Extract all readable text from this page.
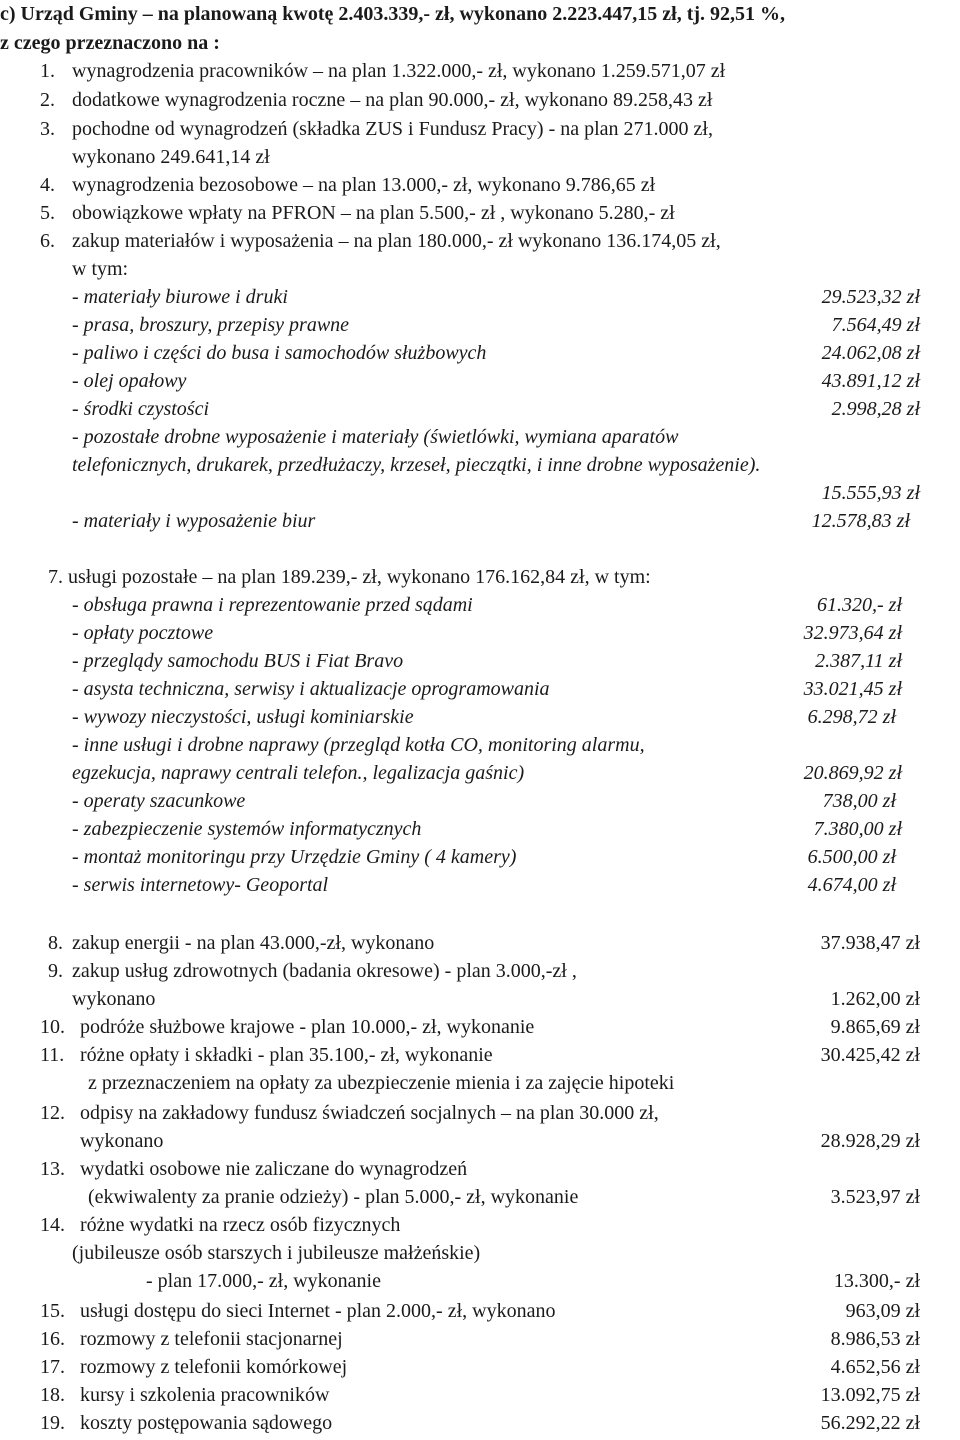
c) Urząd Gminy – na planowaną kwotę 2.403.339,- zł, wykonano 2.223.447,15 zł, tj. 92,51 %,
z czego przeznaczono na :
1. wynagrodzenia pracowników – na plan 1.322.000,- zł, wykonano 1.259.571,07 zł
2. dodatkowe wynagrodzenia roczne – na plan 90.000,- zł, wykonano 89.258,43 zł
3. pochodne od wynagrodzeń (składka ZUS i Fundusz Pracy) - na plan 271.000 zł,
wykonano 249.641,14 zł
4. wynagrodzenia bezosobowe – na plan 13.000,- zł, wykonano 9.786,65 zł
5. obowiązkowe wpłaty na PFRON – na plan 5.500,- zł , wykonano 5.280,- zł
6. zakup materiałów i wyposażenia – na plan 180.000,- zł wykonano 136.174,05 zł,
w tym:
- materiały biurowe i druki	29.523,32 zł
- prasa, broszury, przepisy prawne	7.564,49 zł
- paliwo i części do busa i samochodów służbowych	24.062,08 zł
- olej opałowy	43.891,12 zł
- środki czystości	2.998,28 zł
- pozostałe drobne wyposażenie i materiały (świetlówki, wymiana aparatów
telefonicznych, drukarek, przedłużaczy, krzeseł, pieczątki, i inne drobne wyposażenie).
15.555,93 zł
- materiały i wyposażenie biur	12.578,83 zł
7. usługi pozostałe – na plan 189.239,- zł, wykonano 176.162,84 zł, w tym:
- obsługa prawna i reprezentowanie przed sądami	61.320,- zł
- opłaty pocztowe	32.973,64 zł
- przeglądy samochodu BUS i Fiat Bravo	2.387,11 zł
- asysta techniczna, serwisy i aktualizacje oprogramowania	33.021,45 zł
- wywozy nieczystości, usługi kominiarskie	6.298,72 zł
- inne usługi i drobne naprawy (przegląd kotła CO, monitoring alarmu,
egzekucja, naprawy centrali telefon., legalizacja gaśnic)	20.869,92 zł
- operaty szacunkowe	738,00 zł
- zabezpieczenie systemów informatycznych	7.380,00 zł
- montaż monitoringu przy Urzędzie Gminy ( 4 kamery)	6.500,00 zł
- serwis internetowy- Geoportal	4.674,00 zł
8. zakup energii - na plan 43.000,-zł, wykonano	37.938,47 zł
9. zakup usług zdrowotnych (badania okresowe) - plan 3.000,-zł ,
wykonano	1.262,00 zł
10. podróże służbowe krajowe - plan 10.000,- zł, wykonanie	9.865,69 zł
11. różne opłaty i składki - plan 35.100,- zł, wykonanie	30.425,42 zł
z przeznaczeniem na opłaty za ubezpieczenie mienia i za zajęcie hipoteki
12. odpisy na zakładowy fundusz świadczeń socjalnych – na plan 30.000 zł,
wykonano	28.928,29 zł
13. wydatki osobowe nie zaliczane do wynagrodzeń
(ekwiwalenty za pranie odzieży) - plan 5.000,- zł, wykonanie	3.523,97 zł
14. różne wydatki na rzecz osób fizycznych
(jubileusze osób starszych i jubileusze małżeńskie)
- plan 17.000,- zł, wykonanie	13.300,- zł
15. usługi dostępu do sieci Internet - plan 2.000,- zł, wykonano	963,09 zł
16. rozmowy z telefonii stacjonarnej	8.986,53 zł
17. rozmowy z telefonii komórkowej	4.652,56 zł
18. kursy i szkolenia pracowników	13.092,75 zł
19. koszty postępowania sądowego	56.292,22 zł
